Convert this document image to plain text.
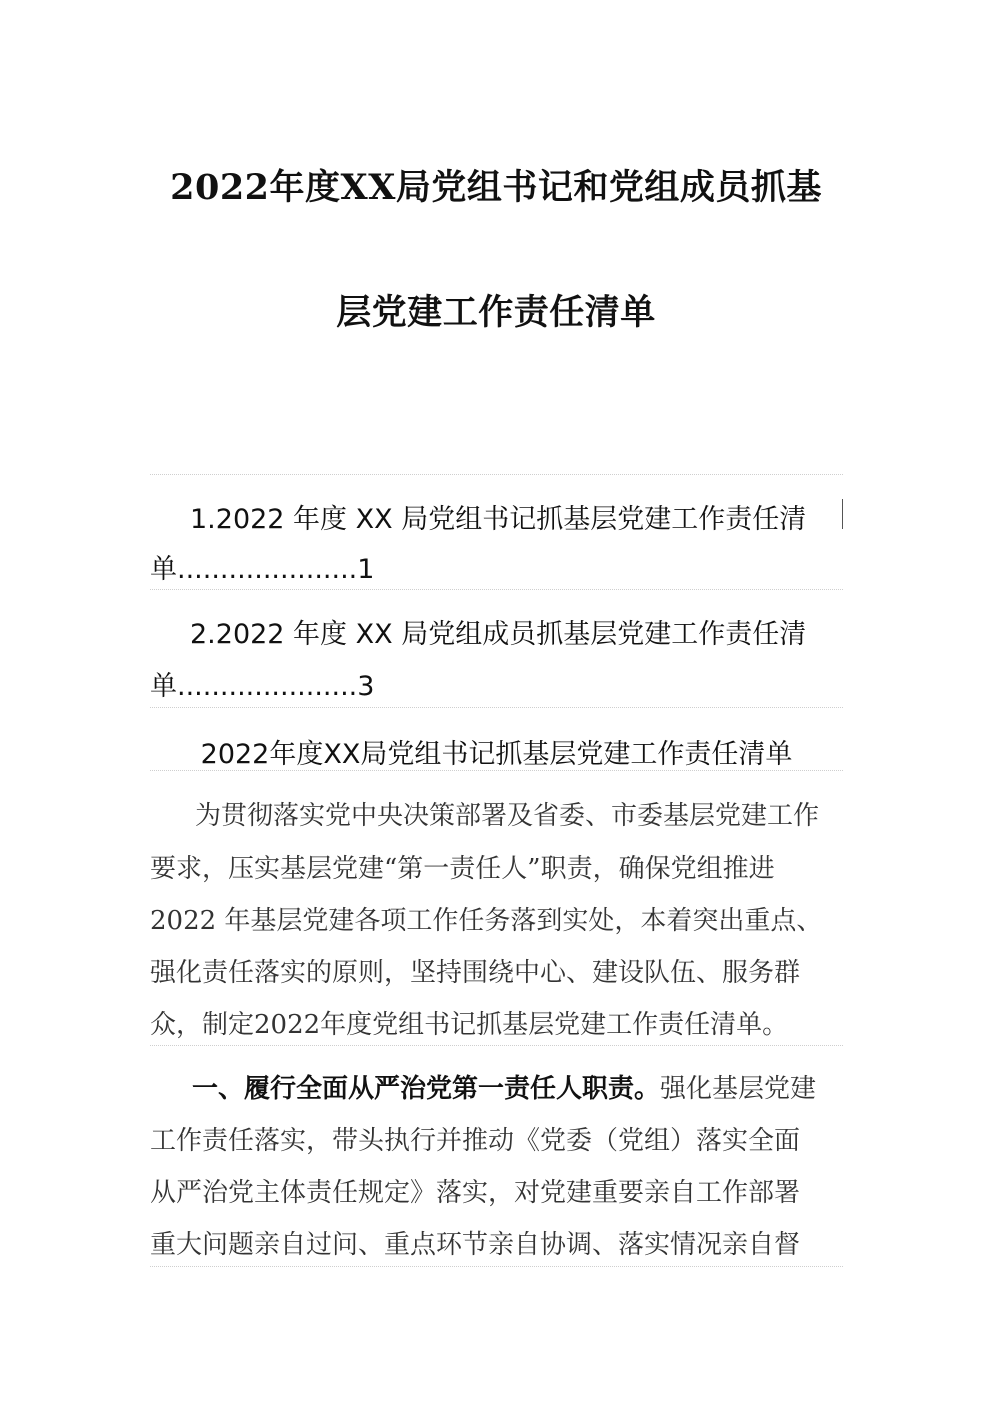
2022年度XX局党组书记和党组成员抓基
层党建工作责任清单
1.2022 年度 XX 局党组书记抓基层党建工作责任清
单.....................1
2.2022 年度 XX 局党组成员抓基层党建工作责任清
单.....................3
2022年度XX局党组书记抓基层党建工作责任清单
为贯彻落实党中央决策部署及省委、市委基层党建工作
要求，压实基层党建“第一责任人”职责，确保党组推进
2022 年基层党建各项工作任务落到实处，本着突出重点、
强化责任落实的原则，坚持围绕中心、建设队伍、服务群
众，制定2022年度党组书记抓基层党建工作责任清单。
一、履行全面从严治党第一责任人职责。强化基层党建
工作责任落实，带头执行并推动《党委（党组）落实全面
从严治党主体责任规定》落实，对党建重要亲自工作部署
重大问题亲自过问、重点环节亲自协调、落实情况亲自督
